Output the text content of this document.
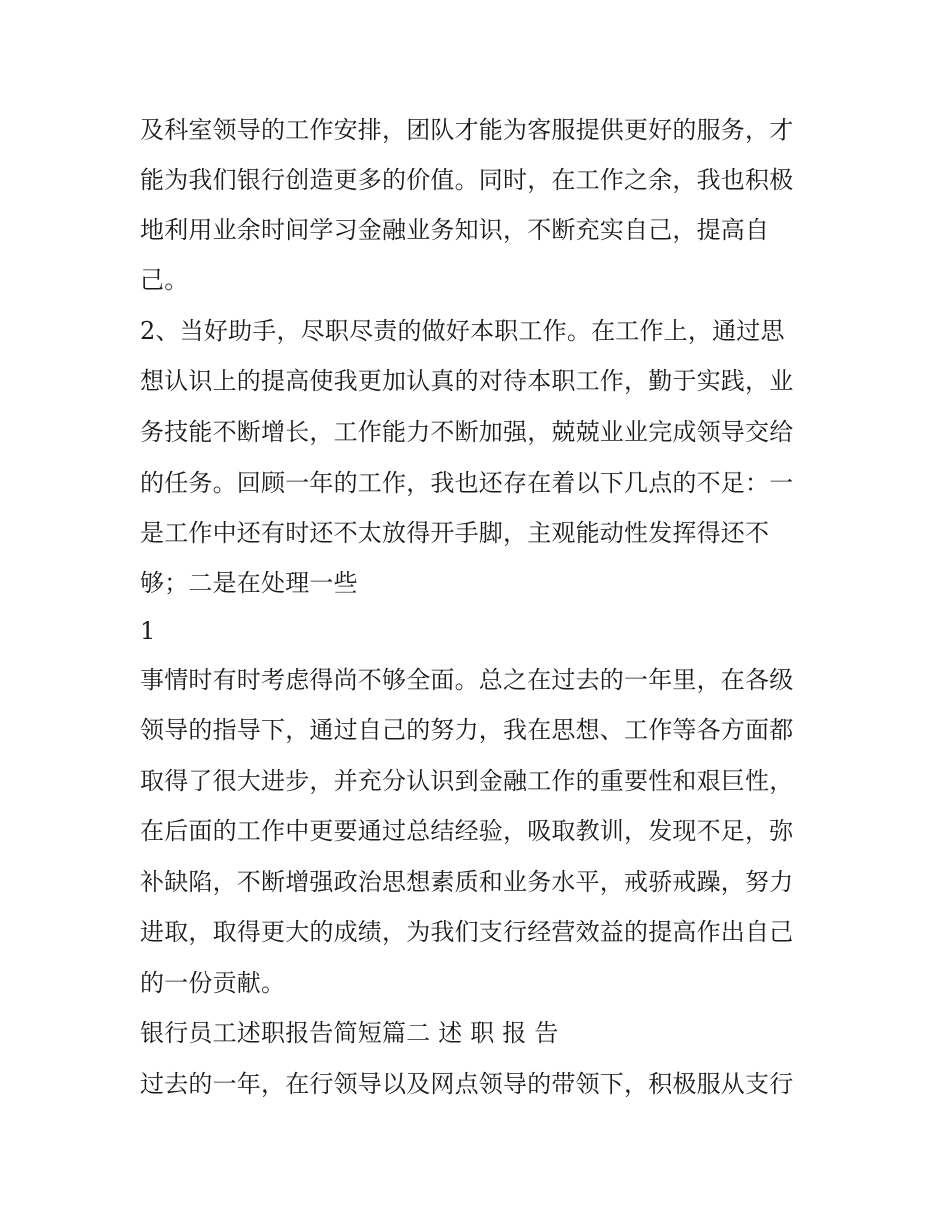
及科室领导的工作安排，团队才能为客服提供更好的服务，才

能为我们银行创造更多的价值。同时，在工作之余，我也积极

地利用业余时间学习金融业务知识，不断充实自己，提高自

己。

2、当好助手，尽职尽责的做好本职工作。在工作上，通过思

想认识上的提高使我更加认真的对待本职工作，勤于实践，业

务技能不断增长，工作能力不断加强，兢兢业业完成领导交给

的任务。回顾一年的工作，我也还存在着以下几点的不足：一

是工作中还有时还不太放得开手脚，主观能动性发挥得还不

够；二是在处理一些

1

事情时有时考虑得尚不够全面。总之在过去的一年里，在各级

领导的指导下，通过自己的努力，我在思想、工作等各方面都

取得了很大进步，并充分认识到金融工作的重要性和艰巨性，

在后面的工作中更要通过总结经验，吸取教训，发现不足，弥

补缺陷，不断增强政治思想素质和业务水平，戒骄戒躁，努力

进取，取得更大的成绩，为我们支行经营效益的提高作出自己

的一份贡献。

银行员工述职报告简短篇二 述 职 报 告

过去的一年，在行领导以及网点领导的带领下，积极服从支行
